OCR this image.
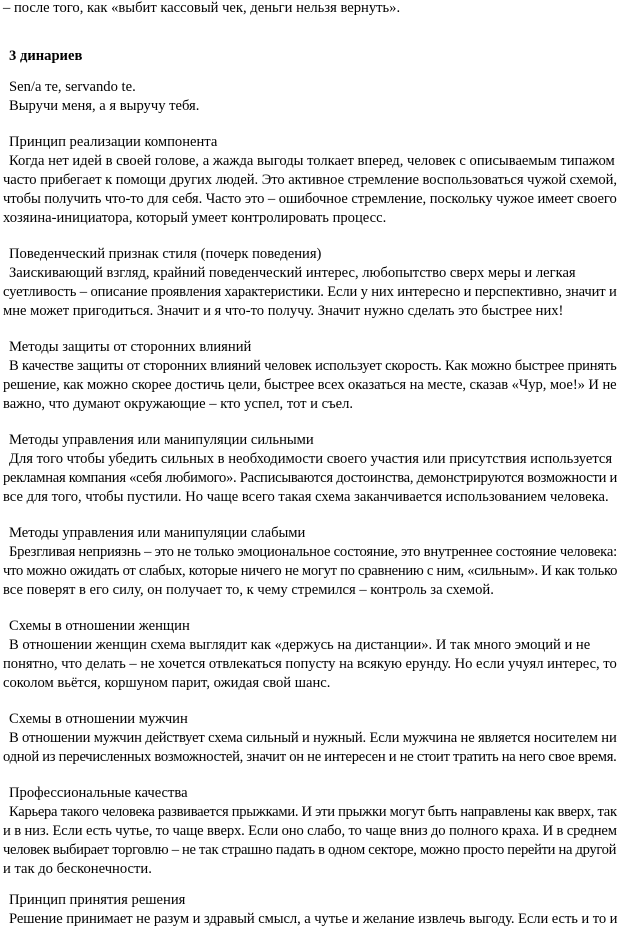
– после того, как «выбит кассовый чек, деньги нельзя вернуть».
3 динариев
Sen/a те, servando te.
Выручи меня, а я выручу тебя.
Принцип реализации компонента
Когда нет идей в своей голове, а жажда выгоды толкает вперед, человек с описываемым типажом
часто прибегает к помощи других людей. Это активное стремление воспользоваться чужой схемой,
чтобы получить что-то для себя. Часто это – ошибочное стремление, поскольку чужое имеет своего
хозяина-инициатора, который умеет контролировать процесс.
Поведенческий признак стиля (почерк поведения)
Заискивающий взгляд, крайний поведенческий интерес, любопытство сверх меры и легкая
суетливость – описание проявления характеристики. Если у них интересно и перспективно, значит и
мне может пригодиться. Значит и я что-то получу. Значит нужно сделать это быстрее них!
Методы защиты от сторонних влияний
В качестве защиты от сторонних влияний человек использует скорость. Как можно быстрее принять
решение, как можно скорее достичь цели, быстрее всех оказаться на месте, сказав «Чур, мое!» И не
важно, что думают окружающие – кто успел, тот и съел.
Методы управления или манипуляции сильными
Для того чтобы убедить сильных в необходимости своего участия или присутствия используется
рекламная компания «себя любимого». Расписываются достоинства, демонстрируются возможности и
все для того, чтобы пустили. Но чаще всего такая схема заканчивается использованием человека.
Методы управления или манипуляции слабыми
Брезгливая неприязнь – это не только эмоциональное состояние, это внутреннее состояние человека:
что можно ожидать от слабых, которые ничего не могут по сравнению с ним, «сильным». И как только
все поверят в его силу, он получает то, к чему стремился – контроль за схемой.
Схемы в отношении женщин
В отношении женщин схема выглядит как «держусь на дистанции». И так много эмоций и не
понятно, что делать – не хочется отвлекаться попусту на всякую ерунду. Но если учуял интерес, то
соколом вьётся, коршуном парит, ожидая свой шанс.
Схемы в отношении мужчин
В отношении мужчин действует схема сильный и нужный. Если мужчина не является носителем ни
одной из перечисленных возможностей, значит он не интересен и не стоит тратить на него свое время.
Профессиональные качества
Карьера такого человека развивается прыжками. И эти прыжки могут быть направлены как вверх, так
и в низ. Если есть чутье, то чаще вверх. Если оно слабо, то чаще вниз до полного краха. И в среднем
человек выбирает торговлю – не так страшно падать в одном секторе, можно просто перейти на другой
и так до бесконечности.
Принцип принятия решения
Решение принимает не разум и здравый смысл, а чутье и желание извлечь выгоду. Если есть и то и
